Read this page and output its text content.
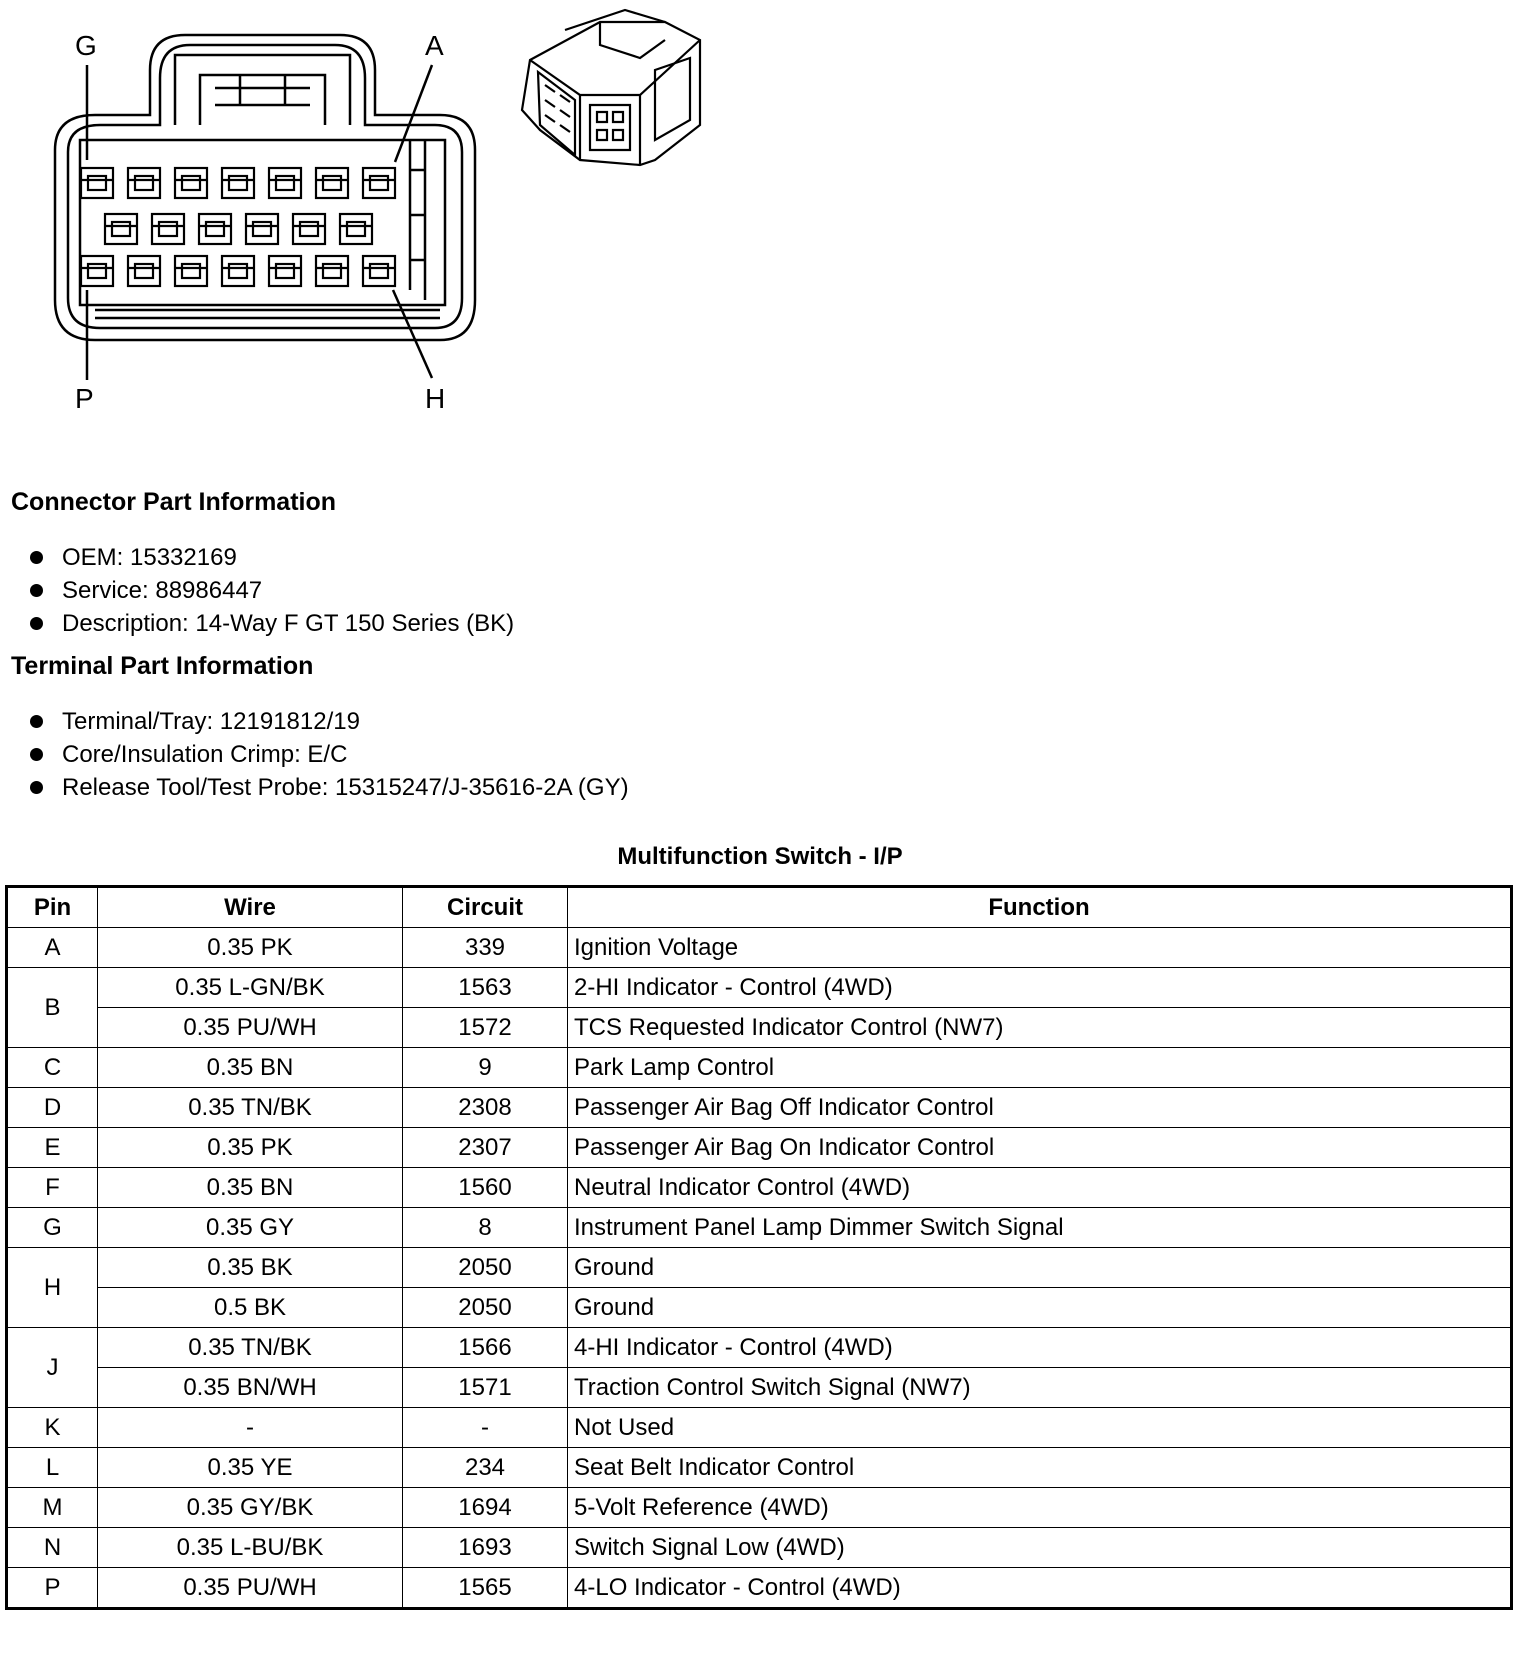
G	A
P	H
Connector Part Information
OEM: 15332169
Service: 88986447
Description: 14-Way F GT 150 Series (BK)
Terminal Part Information
Terminal/Tray: 12191812/19
Core/Insulation Crimp: E/C
Release Tool/Test Probe: 15315247/J-35616-2A (GY)
Multifunction Switch - I/P
Pin	Wire	Circuit	Function
A	0.35 PK	339	Ignition Voltage
B	0.35 L-GN/BK	1563	2-HI Indicator - Control (4WD)
	0.35 PU/WH	1572	TCS Requested Indicator Control (NW7)
C	0.35 BN	9	Park Lamp Control
D	0.35 TN/BK	2308	Passenger Air Bag Off Indicator Control
E	0.35 PK	2307	Passenger Air Bag On Indicator Control
F	0.35 BN	1560	Neutral Indicator Control (4WD)
G	0.35 GY	8	Instrument Panel Lamp Dimmer Switch Signal
H	0.35 BK	2050	Ground
	0.5 BK	2050	Ground
J	0.35 TN/BK	1566	4-HI Indicator - Control (4WD)
	0.35 BN/WH	1571	Traction Control Switch Signal (NW7)
K	-	-	Not Used
L	0.35 YE	234	Seat Belt Indicator Control
M	0.35 GY/BK	1694	5-Volt Reference (4WD)
N	0.35 L-BU/BK	1693	Switch Signal Low (4WD)
P	0.35 PU/WH	1565	4-LO Indicator - Control (4WD)
